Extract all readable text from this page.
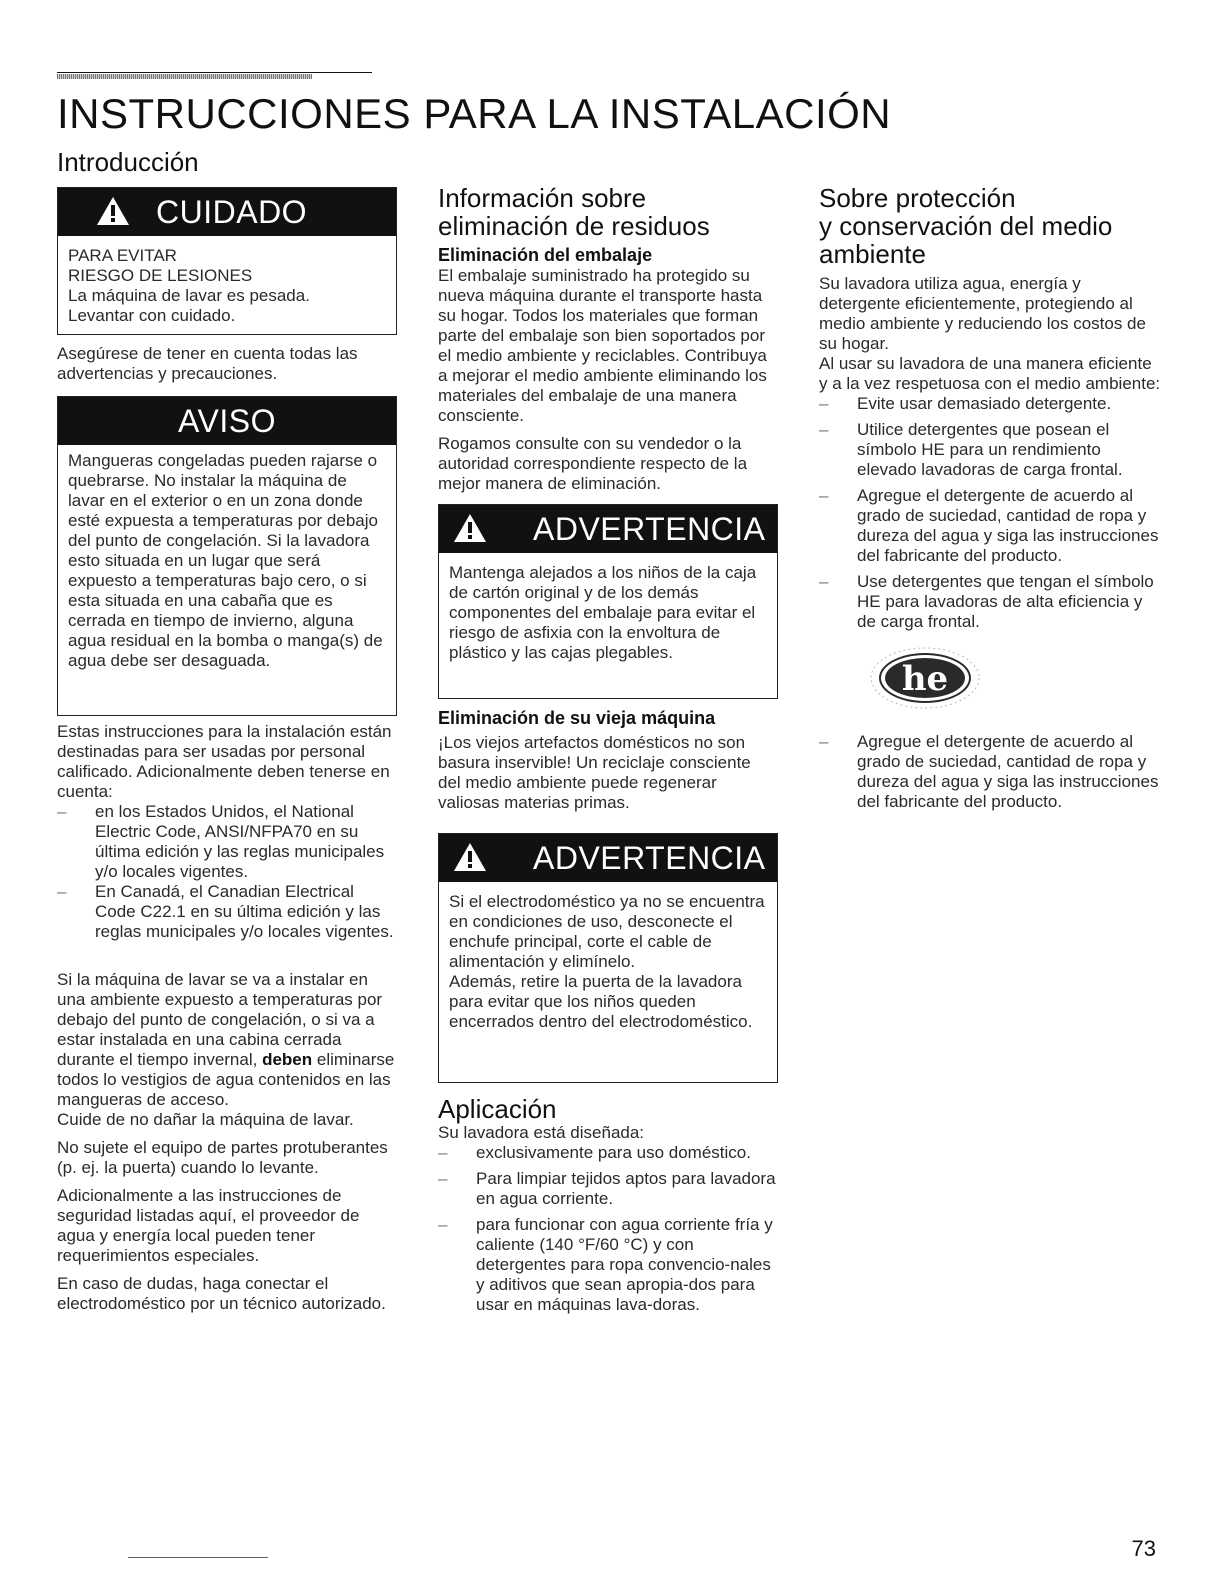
INSTRUCCIONES PARA LA INSTALACIÓN
Introducción
CUIDADO

PARA EVITAR

RIESGO DE LESIONES

La máquina de lavar es pesada.

Levantar con cuidado.

Asegúrese de tener en cuenta todas las advertencias y precauciones.

AVISO

Mangueras congeladas pueden rajarse o quebrarse. No instalar la máquina de lavar en el exterior o en un zona donde esté expuesta a temperaturas por debajo del punto de congelación. Si la lavadora esto situada en un lugar que será expuesto a temperaturas bajo cero, o si esta situada en una cabaña que es cerrada en tiempo de invierno, alguna agua residual en la bomba o manga(s) de agua debe ser desaguada.

Estas instrucciones para la instalación están destinadas para ser usadas por personal calificado. Adicionalmente deben tenerse en cuenta:

– en los Estados Unidos, el National Electric Code, ANSI/NFPA70 en su última edición y las reglas municipales y/o locales vigentes.
– En Canadá, el Canadian Electrical Code C22.1 en su última edición y las reglas municipales y/o locales vigentes.

Si la máquina de lavar se va a instalar en una ambiente expuesto a temperaturas por debajo del punto de congelación, o si va a estar instalada en una cabina cerrada durante el tiempo invernal, deben eliminarse todos lo vestigios de agua contenidos en las mangueras de acceso.

Cuide de no dañar la máquina de lavar.

No sujete el equipo de partes protuberantes (p. ej. la puerta) cuando lo levante.

Adicionalmente a las instrucciones de seguridad listadas aquí, el proveedor de agua y energía local pueden tener requerimientos especiales.

En caso de dudas, haga conectar el electrodoméstico por un técnico autorizado.

Información sobre
eliminación de residuos

Eliminación del embalaje

El embalaje suministrado ha protegido su nueva máquina durante el transporte hasta su hogar. Todos los materiales que forman parte del embalaje son bien soportados por el medio ambiente y reciclables. Contribuya a mejorar el medio ambiente eliminando los materiales del embalaje de una manera consciente.

Rogamos consulte con su vendedor o la autoridad correspondiente respecto de la mejor manera de eliminación.

ADVERTENCIA

Mantenga alejados a los niños de la caja de cartón original y de los demás componentes del embalaje para evitar el riesgo de asfixia con la envoltura de plástico y las cajas plegables.

Eliminación de su vieja máquina

¡Los viejos artefactos domésticos no son basura inservible! Un reciclaje consciente del medio ambiente puede regenerar valiosas materias primas.

ADVERTENCIA

Si el electrodoméstico ya no se encuentra en condiciones de uso, desconecte el enchufe principal, corte el cable de alimentación y elimínelo.

Además, retire la puerta de la lavadora para evitar que los niños queden encerrados dentro del electrodoméstico.

Aplicación

Su lavadora está diseñada:

– exclusivamente para uso doméstico.
– Para limpiar tejidos aptos para lavadora en agua corriente.
– para funcionar con agua corriente fría y caliente (140 °F/60 °C) y con detergentes para ropa convencio-nales y aditivos que sean apropia-dos para usar en máquinas lava-doras.
Sobre protección
y conservación del medio
ambiente

Su lavadora utiliza agua, energía y detergente eficientemente, protegiendo al medio ambiente y reduciendo los costos de su hogar.

Al usar su lavadora de una manera eficiente y a la vez respetuosa con el medio ambiente:

– Evite usar demasiado detergente.
– Utilice detergentes que posean el símbolo HE para un rendimiento elevado lavadoras de carga frontal.
– Agregue el detergente de acuerdo al grado de suciedad, cantidad de ropa y dureza del agua y siga las instrucciones del fabricante del producto.
– Use detergentes que tengan el símbolo HE para lavadoras de alta eficiencia y de carga frontal.
he
– Agregue el detergente de acuerdo al grado de suciedad, cantidad de ropa y dureza del agua y siga las instrucciones del fabricante del producto.
73
